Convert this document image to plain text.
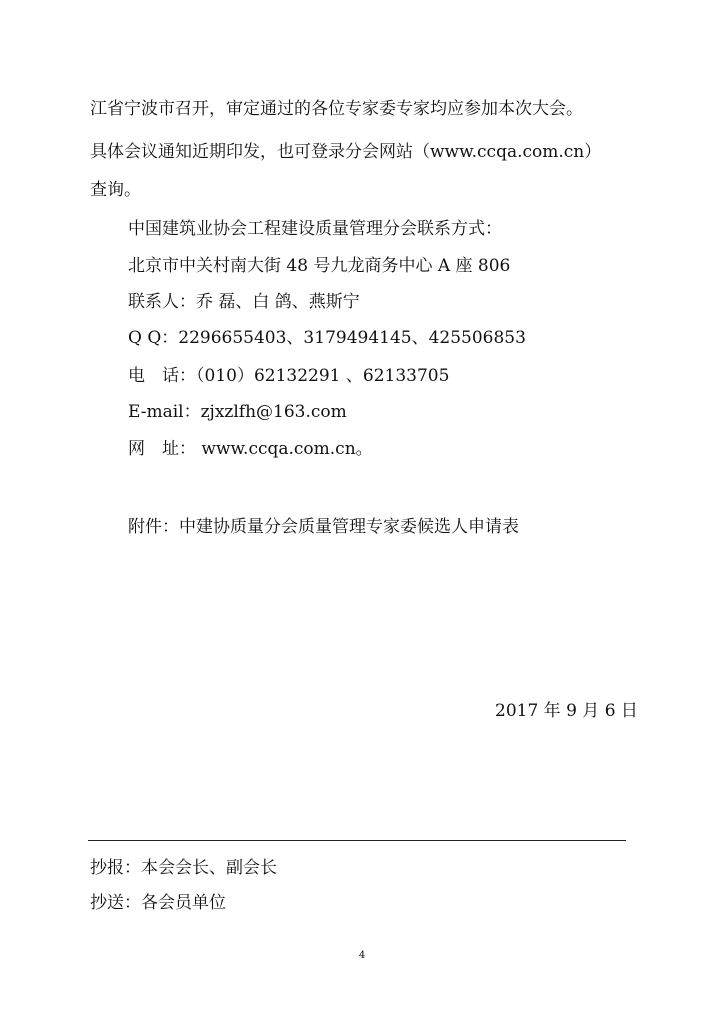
江省宁波市召开，审定通过的各位专家委专家均应参加本次大会。
具体会议通知近期印发，也可登录分会网站（www.ccqa.com.cn）
查询。
中国建筑业协会工程建设质量管理分会联系方式：
北京市中关村南大街 48 号九龙商务中心 A 座 806
联系人：乔 磊、白 鸽、燕斯宁
Q Q：2296655403、3179494145、425506853
电　话：（010）62132291 、62133705
E-mail：zjxzlfh@163.com
网　址： www.ccqa.com.cn。
附件：中建协质量分会质量管理专家委候选人申请表
2017 年 9 月 6 日
抄报：本会会长、副会长
抄送：各会员单位
4
